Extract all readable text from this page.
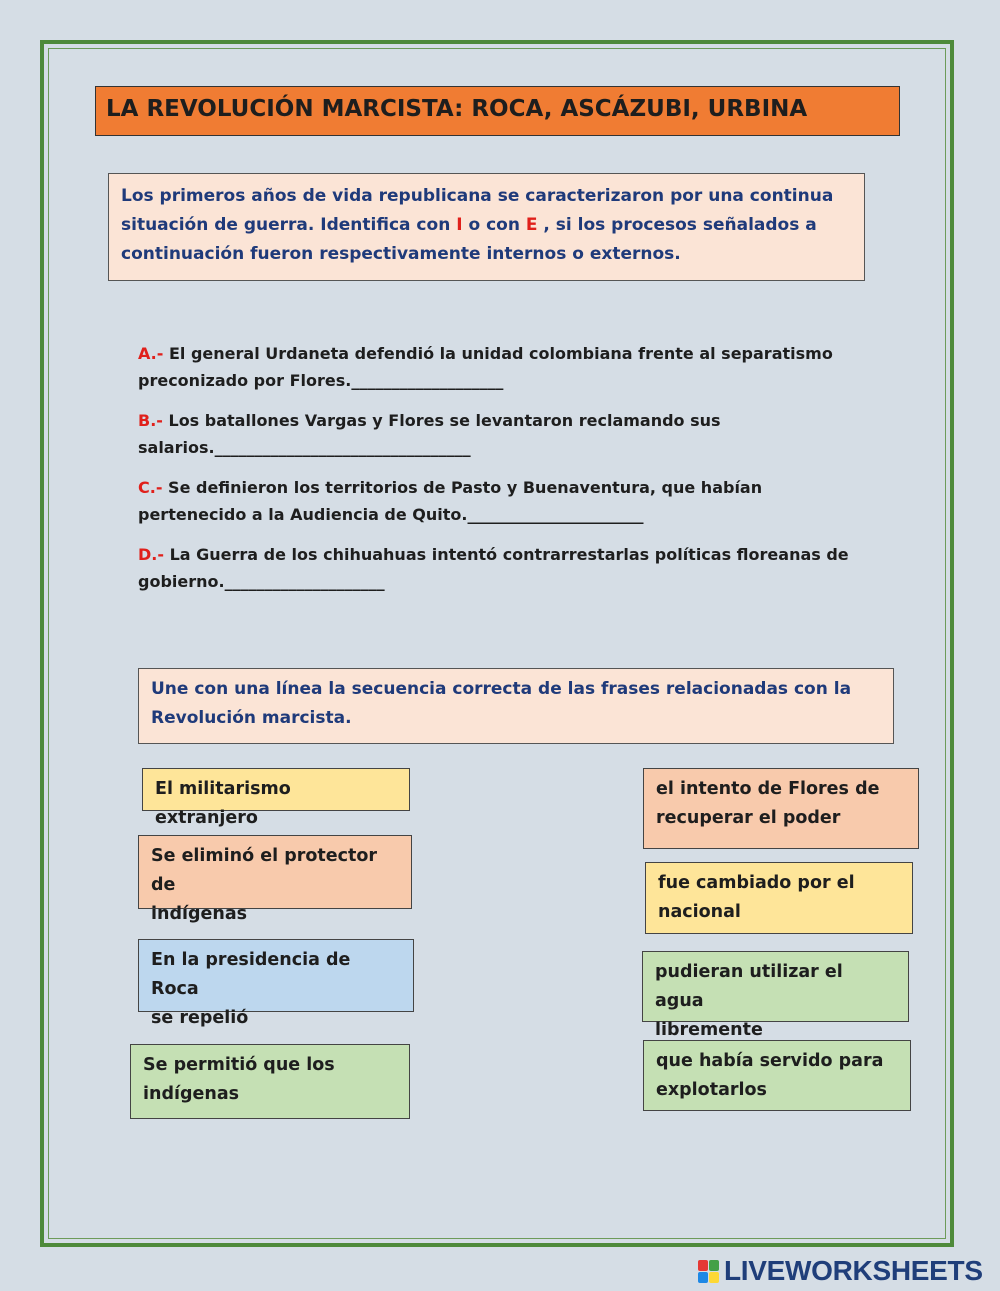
LA REVOLUCIÓN MARCISTA: ROCA, ASCÁZUBI, URBINA
Los primeros años de vida republicana se caracterizaron por una continua
situación de guerra. Identifica con I o con E , si los procesos señalados a
continuación fueron respectivamente internos o externos.
A.- El general Urdaneta defendió la unidad colombiana frente al separatismo
preconizado por Flores.___________________
B.- Los batallones Vargas y Flores se levantaron reclamando sus
salarios.________________________________
C.- Se definieron los territorios de Pasto y Buenaventura, que habían
pertenecido a la Audiencia de Quito.______________________
D.- La Guerra de los chihuahuas intentó contrarrestarlas políticas floreanas de
gobierno.____________________
Une con una línea la secuencia correcta de las frases relacionadas con la
Revolución marcista.
El militarismo extranjero
Se eliminó el protector de
indígenas
En la presidencia de Roca
se repelió
Se permitió que los
indígenas
el intento de Flores de
recuperar el poder
fue cambiado por el
nacional
pudieran utilizar el agua
libremente
que había servido para
explotarlos
LIVEWORKSHEETS
